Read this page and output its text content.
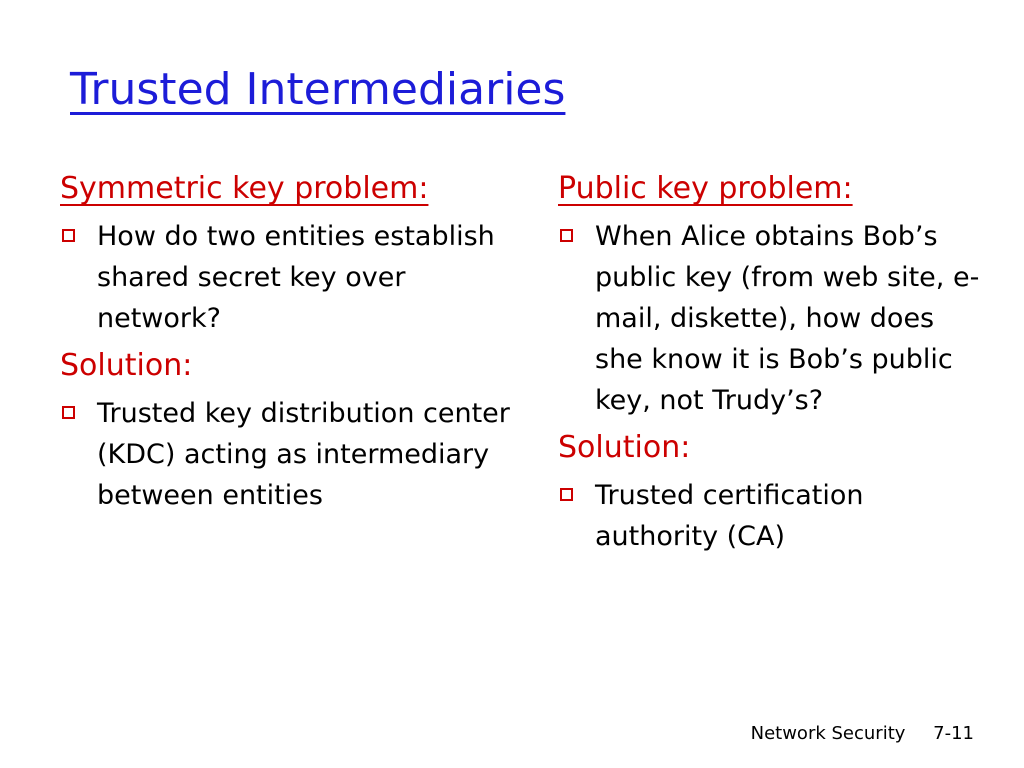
Trusted Intermediaries
Symmetric key problem:
How do two entities establish shared secret key over network?
Solution:
Trusted key distribution center (KDC) acting as intermediary between entities
Public key problem:
When Alice obtains Bob’s public key (from web site, e-mail, diskette), how does she know it is Bob’s public key, not Trudy’s?
Solution:
Trusted certification authority (CA)
Network Security 7-11
